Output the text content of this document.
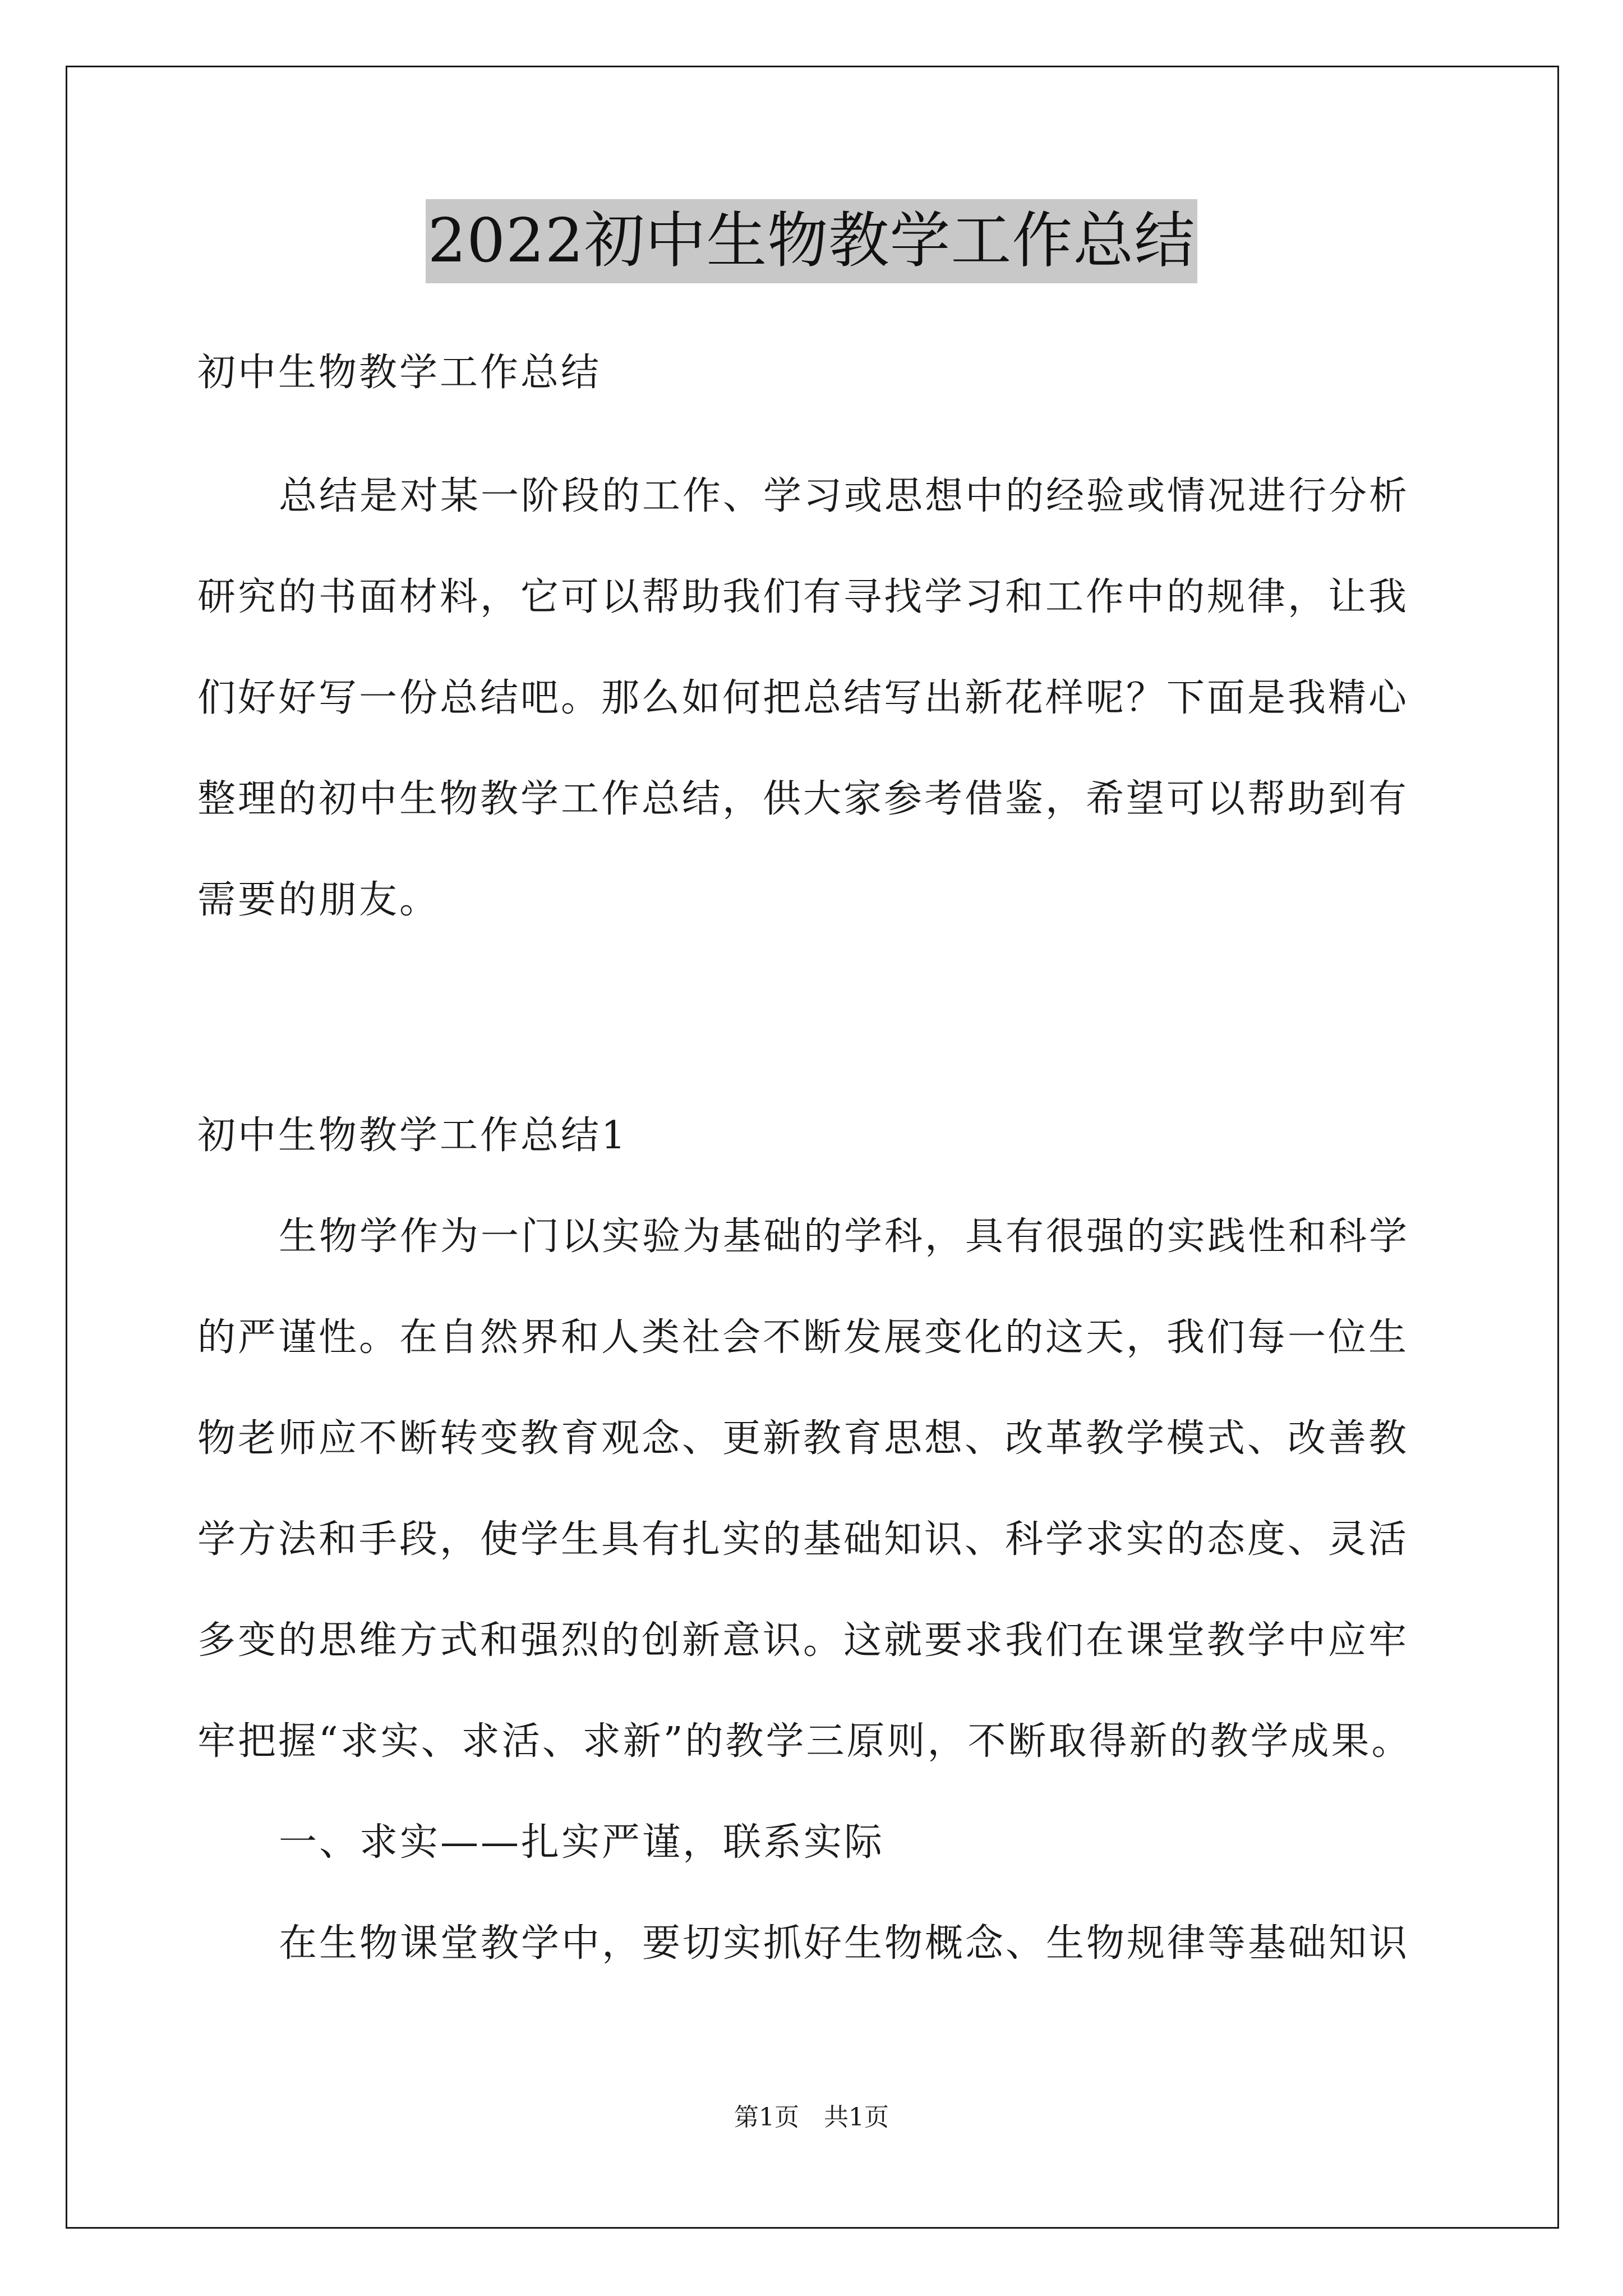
2022初中生物教学工作总结
初中生物教学工作总结
总结是对某一阶段的工作、学习或思想中的经验或情况进行分析
研究的书面材料，它可以帮助我们有寻找学习和工作中的规律，让我
们好好写一份总结吧。那么如何把总结写出新花样呢？下面是我精心
整理的初中生物教学工作总结，供大家参考借鉴，希望可以帮助到有
需要的朋友。
初中生物教学工作总结1
生物学作为一门以实验为基础的学科，具有很强的实践性和科学
的严谨性。在自然界和人类社会不断发展变化的这天，我们每一位生
物老师应不断转变教育观念、更新教育思想、改革教学模式、改善教
学方法和手段，使学生具有扎实的基础知识、科学求实的态度、灵活
多变的思维方式和强烈的创新意识。这就要求我们在课堂教学中应牢
牢把握“求实、求活、求新”的教学三原则，不断取得新的教学成果。
一、求实——扎实严谨，联系实际
在生物课堂教学中，要切实抓好生物概念、生物规律等基础知识
第1页　共1页
